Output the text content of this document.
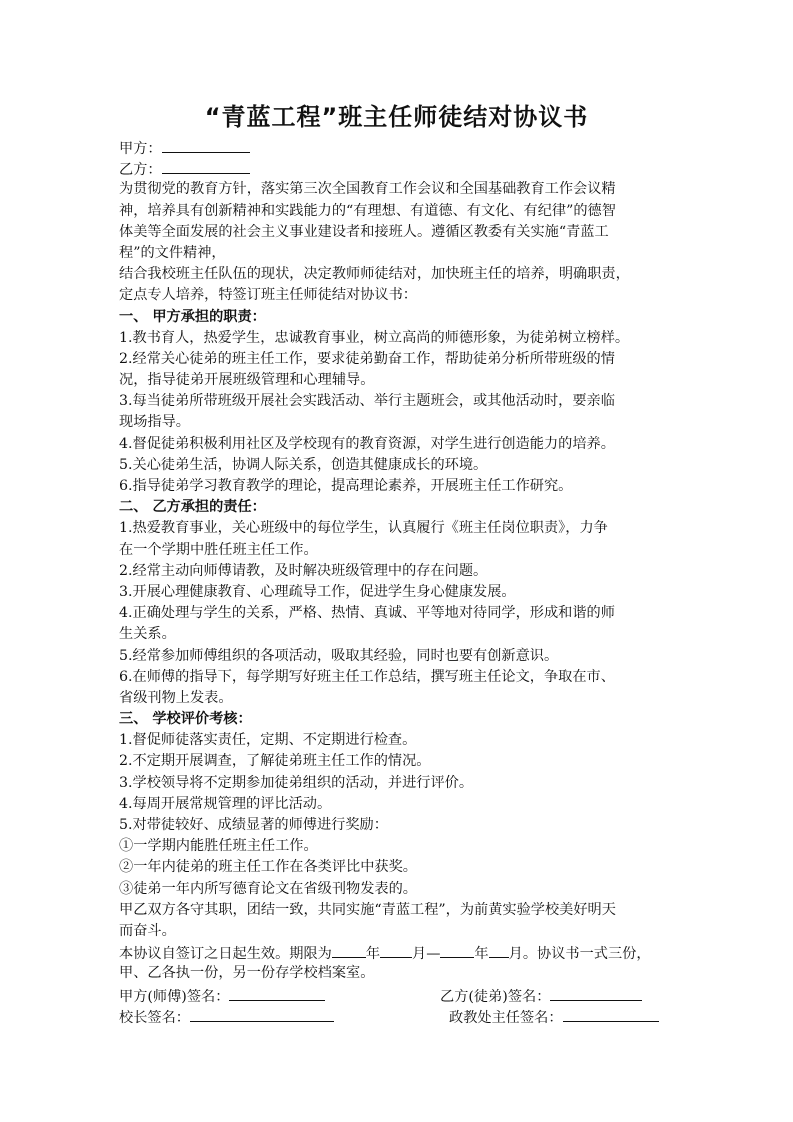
“青蓝工程”班主任师徒结对协议书
甲方：
乙方：
为贯彻党的教育方针，落实第三次全国教育工作会议和全国基础教育工作会议精
神，培养具有创新精神和实践能力的“有理想、有道德、有文化、有纪律”的德智
体美等全面发展的社会主义事业建设者和接班人。遵循区教委有关实施“青蓝工
程”的文件精神，
结合我校班主任队伍的现状，决定教师师徒结对，加快班主任的培养，明确职责，
定点专人培养，特签订班主任师徒结对协议书：
一、 甲方承担的职责：
1.教书育人，热爱学生，忠诚教育事业，树立高尚的师德形象，为徒弟树立榜样。
2.经常关心徒弟的班主任工作，要求徒弟勤奋工作，帮助徒弟分析所带班级的情
况，指导徒弟开展班级管理和心理辅导。
3.每当徒弟所带班级开展社会实践活动、举行主题班会，或其他活动时，要亲临
现场指导。
4.督促徒弟积极利用社区及学校现有的教育资源，对学生进行创造能力的培养。
5.关心徒弟生活，协调人际关系，创造其健康成长的环境。
6.指导徒弟学习教育教学的理论，提高理论素养，开展班主任工作研究。
二、 乙方承担的责任：
1.热爱教育事业，关心班级中的每位学生，认真履行《班主任岗位职责》，力争
在一个学期中胜任班主任工作。
2.经常主动向师傅请教，及时解决班级管理中的存在问题。
3.开展心理健康教育、心理疏导工作，促进学生身心健康发展。
4.正确处理与学生的关系，严格、热情、真诚、平等地对待同学，形成和谐的师
生关系。
5.经常参加师傅组织的各项活动，吸取其经验，同时也要有创新意识。
6.在师傅的指导下，每学期写好班主任工作总结，撰写班主任论文，争取在市、
省级刊物上发表。
三、 学校评价考核：
1.督促师徒落实责任，定期、不定期进行检查。
2.不定期开展调查，了解徒弟班主任工作的情况。
3.学校领导将不定期参加徒弟组织的活动，并进行评价。
4.每周开展常规管理的评比活动。
5.对带徒较好、成绩显著的师傅进行奖励：
①一学期内能胜任班主任工作。
②一年内徒弟的班主任工作在各类评比中获奖。
③徒弟一年内所写德育论文在省级刊物发表的。
甲乙双方各守其职，团结一致，共同实施“青蓝工程”，为前黄实验学校美好明天
而奋斗。
本协议自签订之日起生效。期限为 年 月— 年 月。协议书一式三份，
甲、乙各执一份，另一份存学校档案室。
甲方(师傅)签名：	乙方(徒弟)签名：
校长签名：	政教处主任签名：
